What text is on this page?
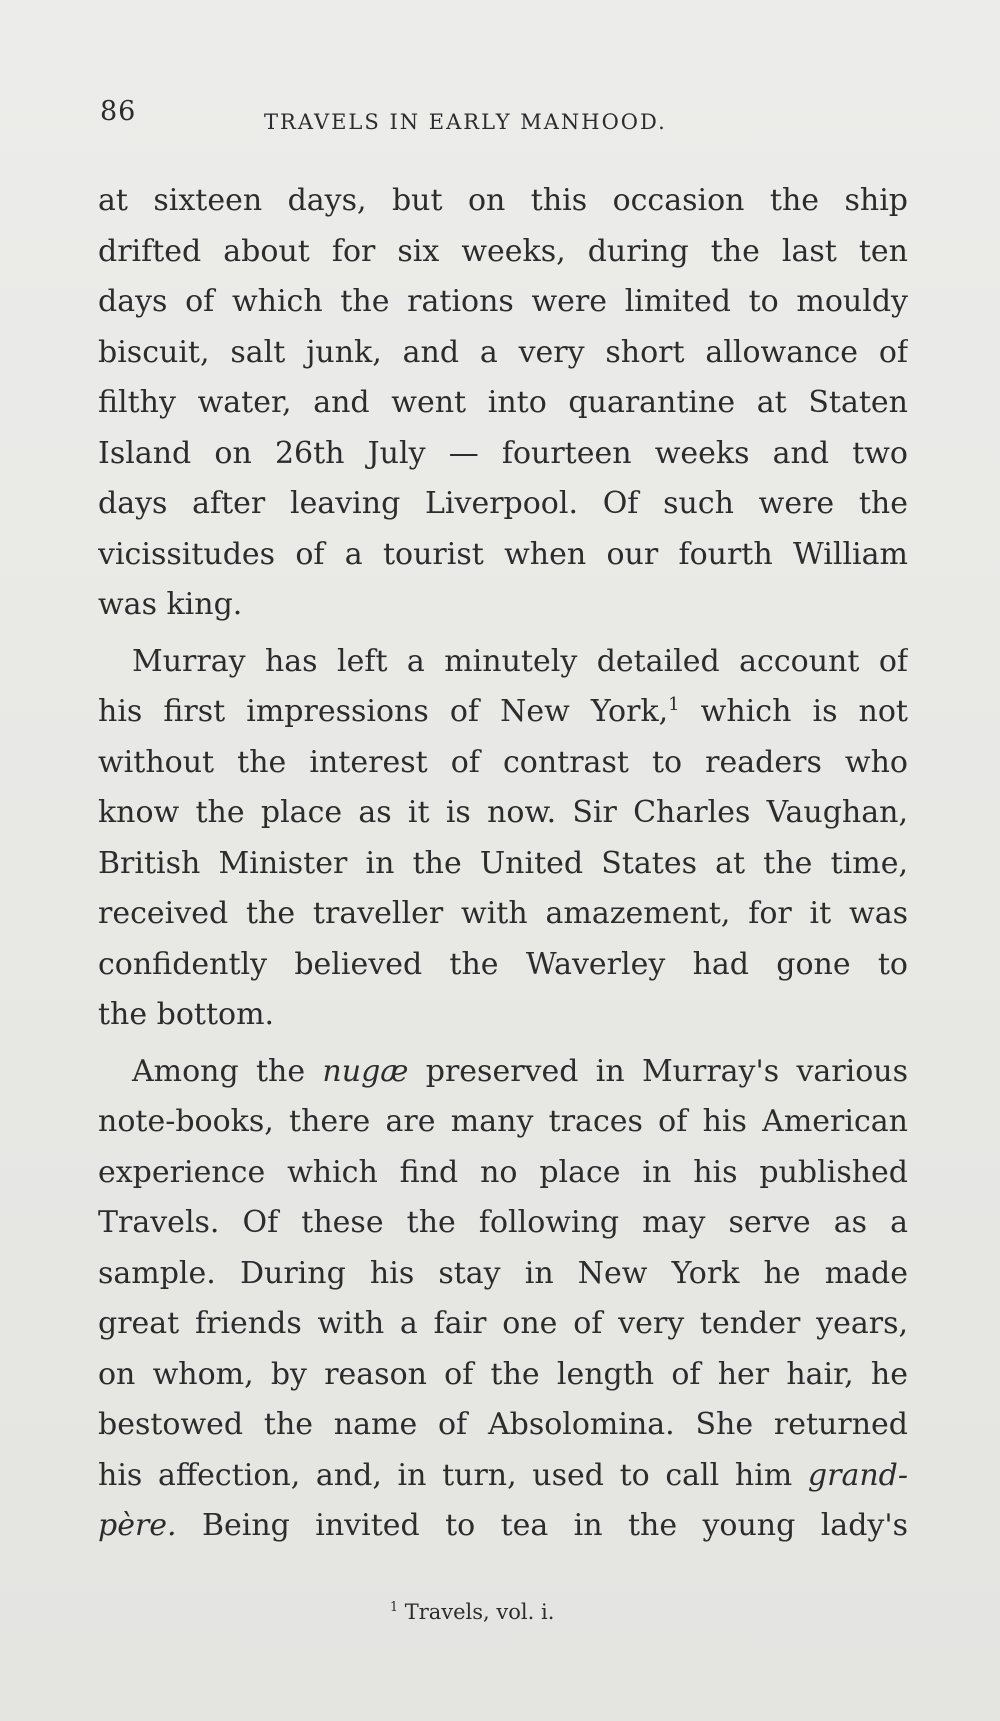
86	TRAVELS IN EARLY MANHOOD.
at sixteen days, but on this occasion the ship
drifted about for six weeks, during the last ten
days of which the rations were limited to mouldy
biscuit, salt junk, and a very short allowance of
filthy water, and went into quarantine at Staten
Island on 26th July — fourteen weeks and two
days after leaving Liverpool. Of such were the
vicissitudes of a tourist when our fourth William
was king.
Murray has left a minutely detailed account of
his first impressions of New York,$^1$ which is not
without the interest of contrast to readers who
know the place as it is now. Sir Charles Vaughan,
British Minister in the United States at the time,
received the traveller with amazement, for it was
confidently believed the Waverley had gone to
the bottom.
Among the nugæ preserved in Murray's various
note-books, there are many traces of his American
experience which find no place in his published
Travels. Of these the following may serve as a
sample. During his stay in New York he made
great friends with a fair one of very tender years,
on whom, by reason of the length of her hair, he
bestowed the name of Absolomina. She returned
his affection, and, in turn, used to call him grand-
père. Being invited to tea in the young lady's
$^1$ Travels, vol. i.
